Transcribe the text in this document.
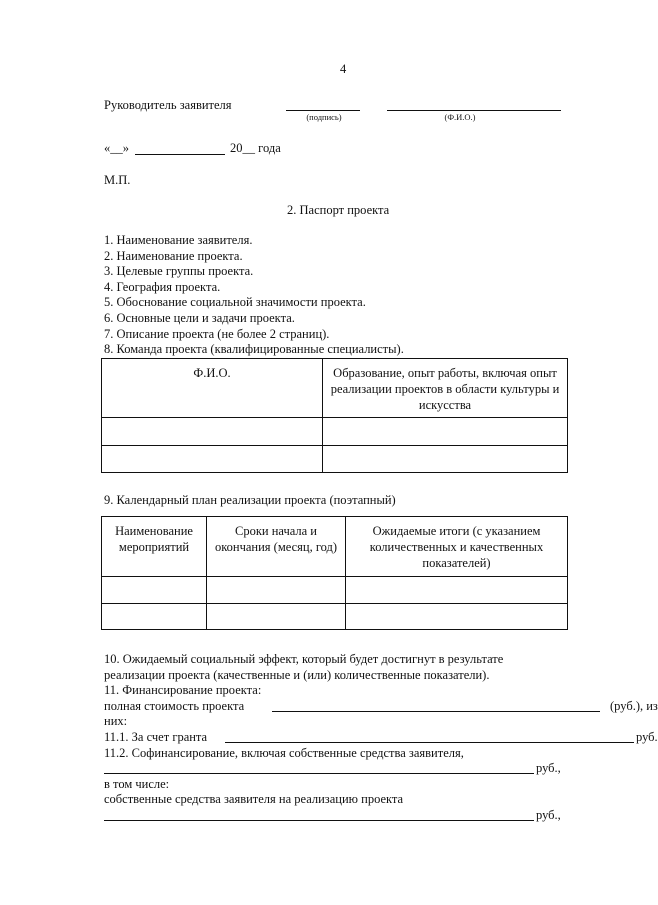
4
Руководитель заявителя
(подпись)	(Ф.И.О.)
«__»	20__ года
М.П.
2. Паспорт проекта
1. Наименование заявителя.
2. Наименование проекта.
3. Целевые группы проекта.
4. География проекта.
5. Обоснование социальной значимости проекта.
6. Основные цели и задачи проекта.
7. Описание проекта (не более 2 страниц).
8. Команда проекта (квалифицированные специалисты).
Ф.И.О.	Образование, опыт работы, включая опыт реализации проектов в области культуры и искусства

9. Календарный план реализации проекта (поэтапный)
Наименование мероприятий	Сроки начала и окончания (месяц, год)	Ожидаемые итоги (с указанием количественных и качественных показателей)

10. Ожидаемый социальный эффект, который будет достигнут в результате
реализации проекта (качественные и (или) количественные показатели).
11. Финансирование проекта:
полная стоимость проекта	(руб.), из
них:
11.1. За счет гранта	руб.
11.2. Софинансирование, включая собственные средства заявителя,
руб.,
в том числе:
собственные средства заявителя на реализацию проекта
руб.,
